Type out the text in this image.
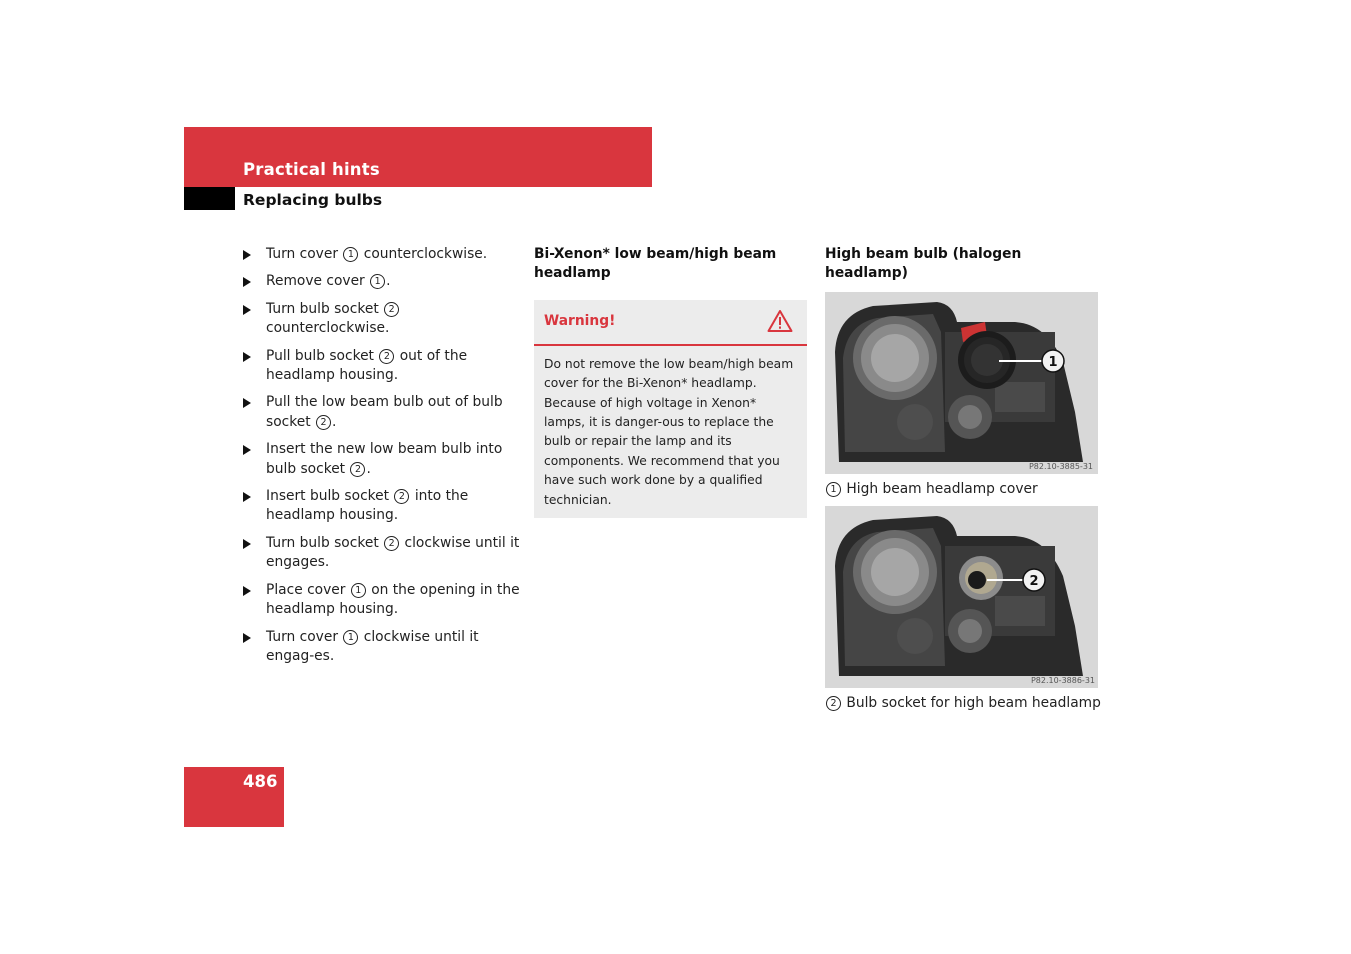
Practical hints
Replacing bulbs
Turn cover 1 counterclockwise.
Remove cover 1 .
Turn bulb socket 2 counterclockwise.
Pull bulb socket 2 out of the headlamp housing.
Pull the low beam bulb out of bulb socket 2 .
Insert the new low beam bulb into bulb socket 2 .
Insert bulb socket 2 into the headlamp housing.
Turn bulb socket 2 clockwise until it engages.
Place cover 1 on the opening in the headlamp housing.
Turn cover 1 clockwise until it engag-es.

Bi-Xenon* low beam/high beam headlamp

Warning!
Do not remove the low beam/high beam cover for the Bi-Xenon* headlamp. Because of high voltage in Xenon* lamps, it is danger-ous to replace the bulb or repair the lamp and its components. We recommend that you have such work done by a qualified technician.

High beam bulb (halogen headlamp)

1
P82.10-3885-31
1 High beam headlamp cover
2
P82.10-3886-31
2 Bulb socket for high beam headlamp
486
